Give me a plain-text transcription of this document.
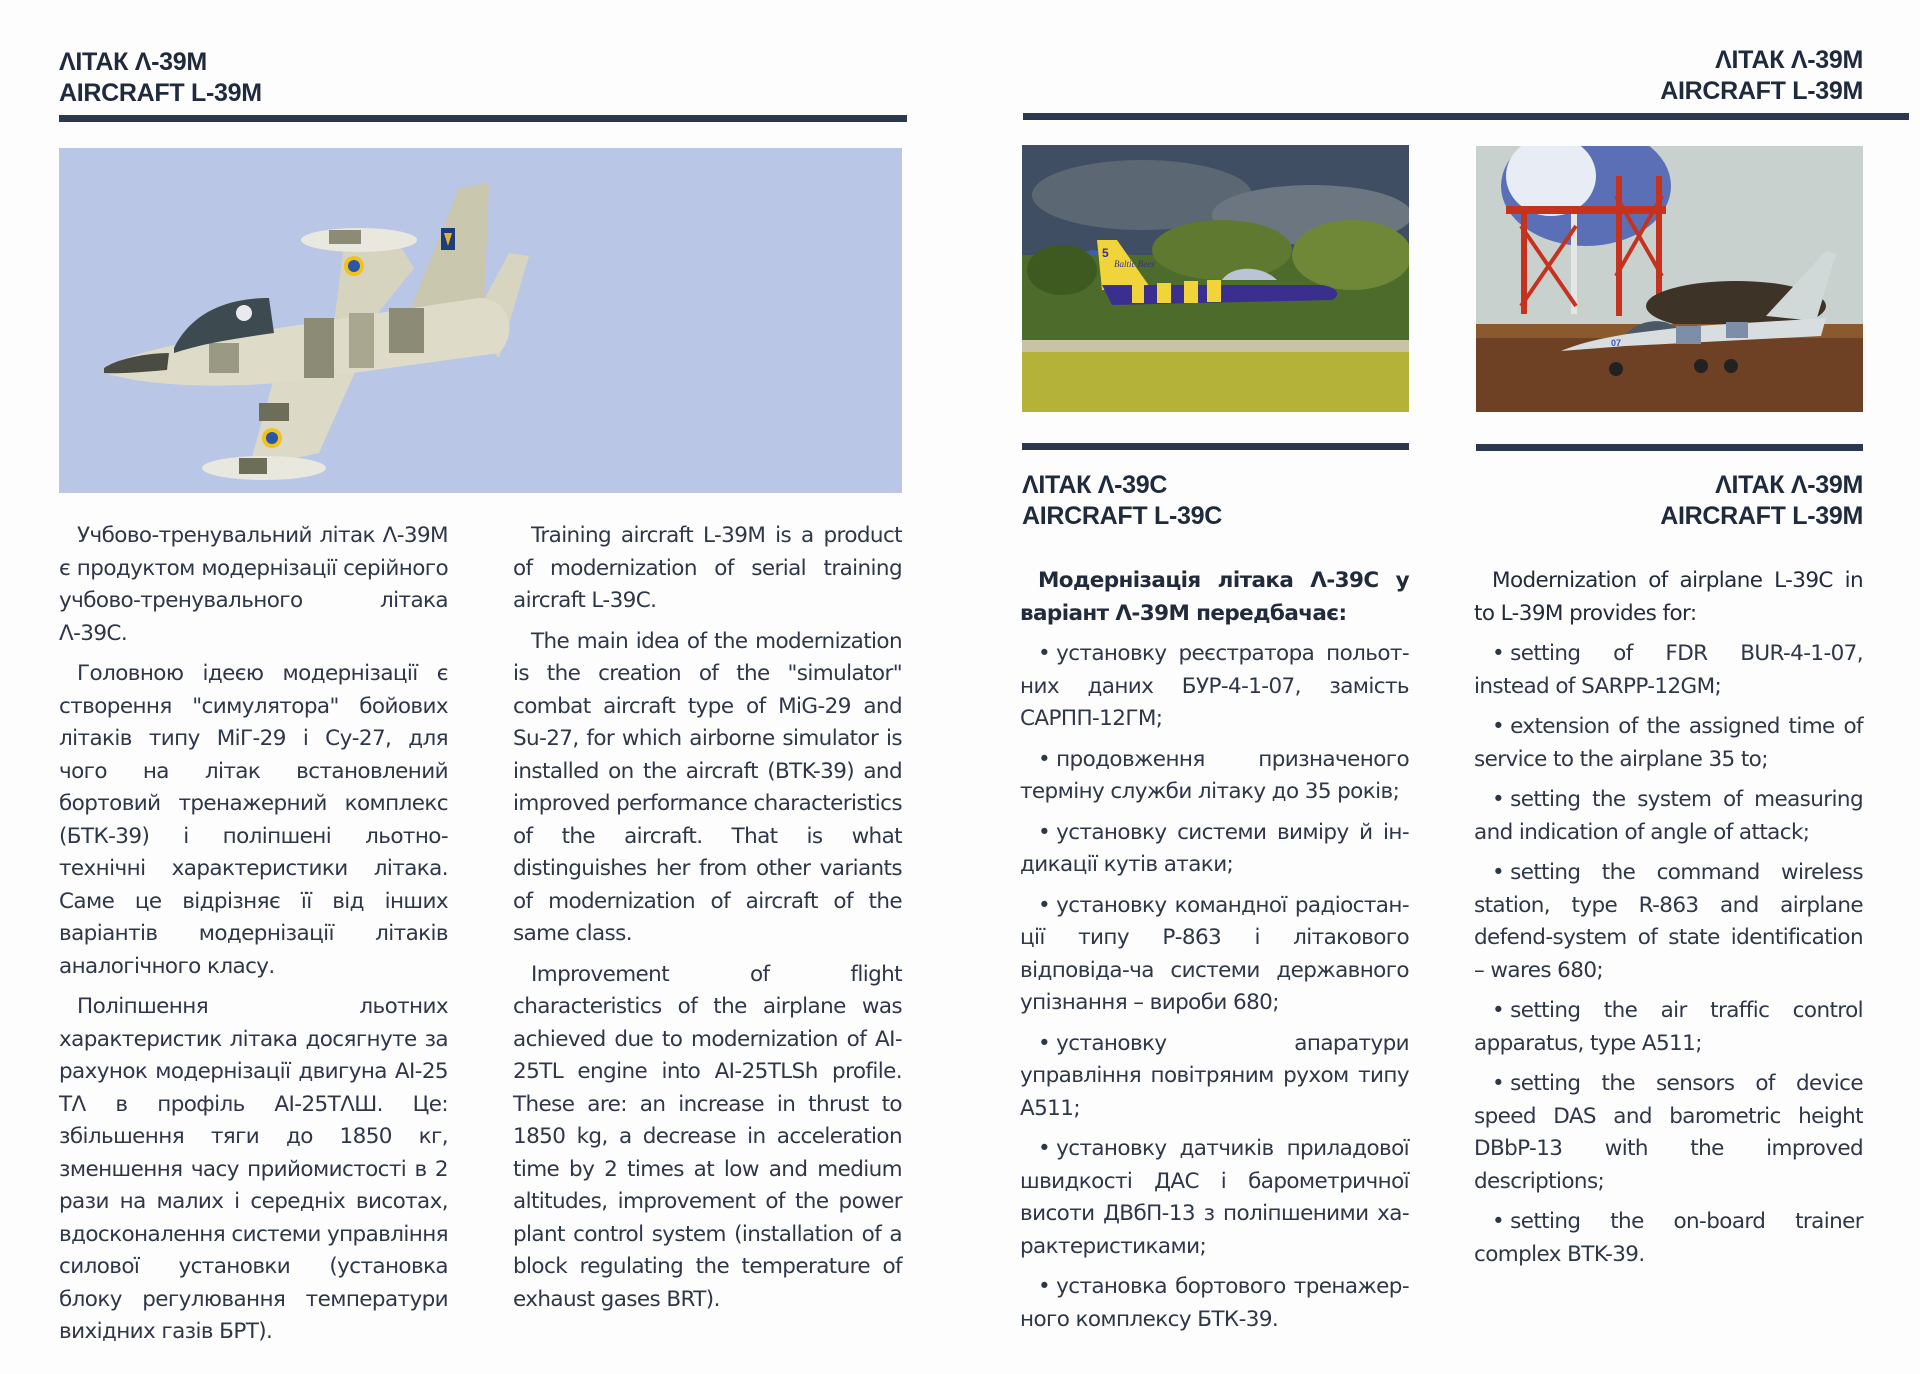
ΛІТАК Λ-39М
AIRCRAFT L-39M

Учбово-тренувальний літак Λ-39М є продуктом модернізації серійного учбово-тренувального літака Λ-39С.

Головною ідеєю модернізації є створення "симулятора" бойових літаків типу МіГ-29 і Су-27, для чого на літак встановлений бортовий тренажерний комплекс (БТК-39) і поліпшені льотно-технічні характеристики літака. Саме це відрізняє її від інших варіантів модернізації літаків аналогічного класу.

Поліпшення льотних характеристик літака досягнуте за рахунок модернізації двигуна АІ-25 ТΛ в профіль АІ-25ТΛШ. Це: збільшення тяги до 1850 кг, зменшення часу прийомистості в 2 рази на малих і середніх висотах, вдосконалення системи управління силової установки (установка блоку регулювання температури вихідних газів БРТ).

Training aircraft L-39M is a product of modernization of serial training aircraft L-39C.

The main idea of the modernization is the creation of the "simulator" combat aircraft type of MiG-29 and Su-27, for which airborne simulator is installed on the aircraft (BTK-39) and improved performance characteristics of the aircraft. That is what distinguishes her from other variants of modernization of aircraft of the same class.

Improvement of flight characteristics of the airplane was achieved due to modernization of AI-25TL engine into AI-25TLSh profile. These are: an increase in thrust to 1850 kg, a decrease in acceleration time by 2 times at low and medium altitudes, improvement of the power plant control system (installation of a block regulating the temperature of exhaust gases BRT).

ΛІТАК Λ-39М
AIRCRAFT L-39M
5
Baltic Bees
07
ΛІТАК Λ-39С
AIRCRAFT L-39C

Модернізація літака Λ-39С у варіант Λ-39М передбачає:

• установку реєстратора польот-них даних БУР-4-1-07, замість САРПП-12ГМ;

• продовження призначеного терміну служби літаку до 35 років;

• установку системи виміру й ін-дикації кутів атаки;

• установку командної радіостан-ції типу Р-863 і літакового відповіда-ча системи державного упізнання – вироби 680;

• установку апаратури управління повітряним рухом типу А511;

• установку датчиків приладової швидкості ДАС і барометричної висоти ДВбП-13 з поліпшеними ха-рактеристиками;

• установка бортового тренажер-ного комплексу БТК-39.

ΛІТАК Λ-39М
AIRCRAFT L-39M

Modernization of airplane L-39C in to L-39M provides for:

• setting of FDR BUR-4-1-07, instead of SARPP-12GM;

• extension of the assigned time of service to the airplane 35 to;

• setting the system of measuring and indication of angle of attack;

• setting the command wireless station, type R-863 and airplane defend-system of state identification – wares 680;

• setting the air traffic control apparatus, type A511;

• setting the sensors of device speed DAS and barometric height DBbP-13 with the improved descriptions;

• setting the on-board trainer complex BTK-39.
